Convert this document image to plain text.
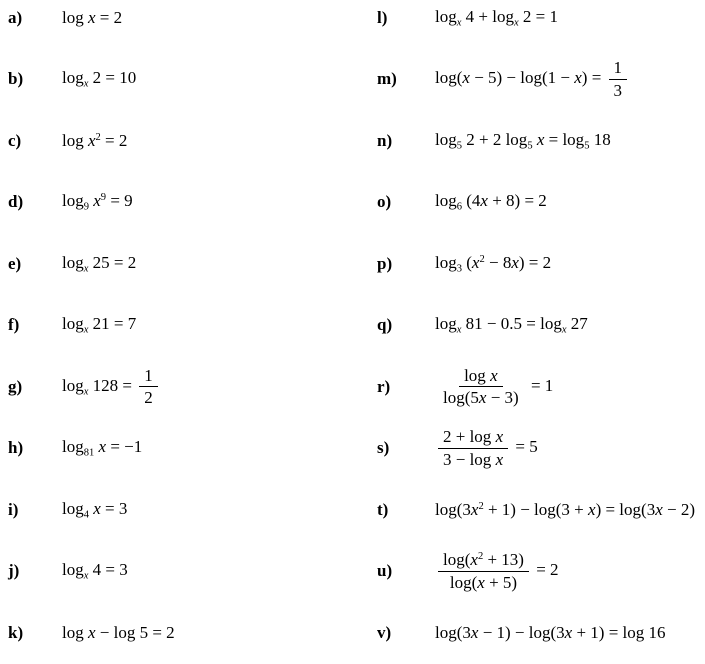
a)	log x = 2
b)	$\log_x 2 = 10$
c)	$\log x^2 = 2$
d)	$\log_9 x^9 = 9$
e)	$\log_x 25 = 2$
f)	$\log_x 21 = 7$
g)	$\log_x 128 = \frac{1}{2}$
h)	$\log_{81} x = -1$
i)	$\log_4 x = 3$
j)	$\log_x 4 = 3$
k)	log x − log 5 = 2
l)	$\log_x 4 + \log_x 2 = 1$
m)	$\log(x - 5) - \log(1 - x) = \frac{1}{3}$
n)	$\log_5 2 + 2$ $\log_5 x = \log_5 18$
o)	$\log_6 (4x + 8) = 2$
p)	$\log_3 (x^2 - 8x) = 2$
q)	$\log_x 81 - 0.5 = \log_x 27$
r)	$\frac{\text{log x}}{\log(5x - 3)} = 1$
s)	$\frac{\text{2 + log x}}{\text{3 − log x}} = 5$
t)	$\log(3x^2 + 1) - \log(3 + x) = \log(3x - 2)$
u)	$\frac{\log(x^2 + 13)}{\log(x + 5)} = 2$
v)	log(3x − 1) − log(3x + 1) = log 16
